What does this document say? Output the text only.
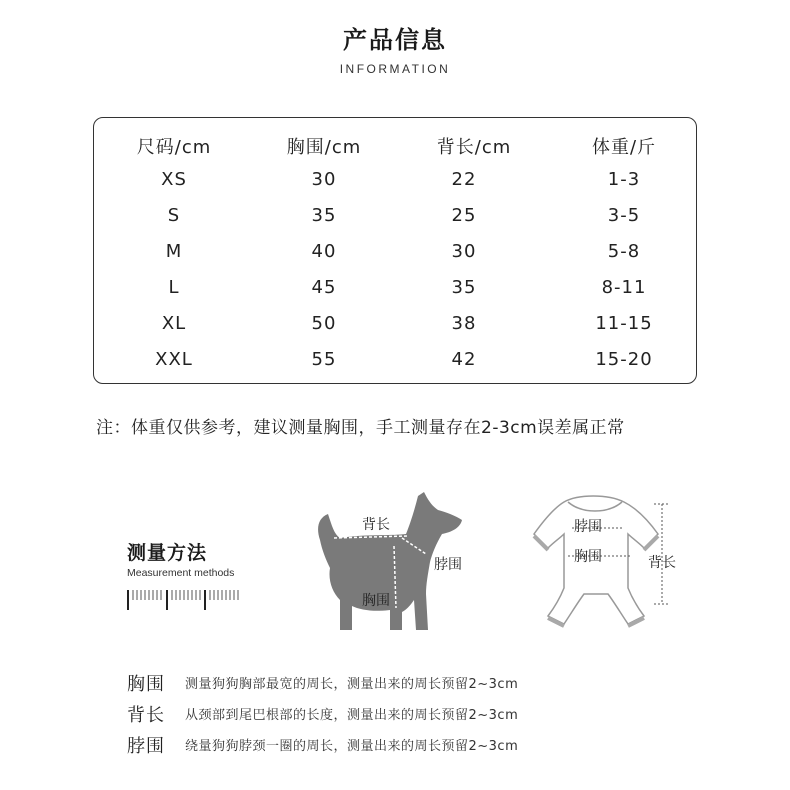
产品信息
INFORMATION
尺码/cm	胸围/cm	背长/cm	体重/斤
XS	30	22	1-3
S	35	25	3-5
M	40	30	5-8
L	45	35	8-11
XL	50	38	11-15
XXL	55	42	15-20
注：体重仅供参考，建议测量胸围，手工测量存在2-3cm误差属正常
测量方法
Measurement methods
背长
脖围
胸围
脖围
胸围	背长
胸围 测量狗狗胸部最宽的周长，测量出来的周长预留2~3cm
背长 从颈部到尾巴根部的长度，测量出来的周长预留2~3cm
脖围 绕量狗狗脖颈一圈的周长，测量出来的周长预留2~3cm
